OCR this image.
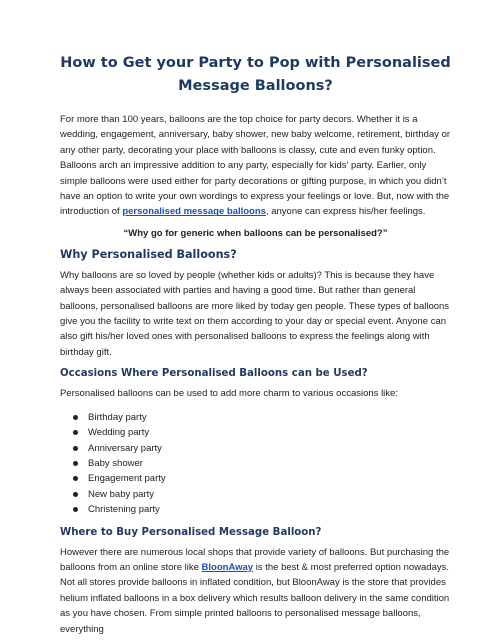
How to Get your Party to Pop with Personalised Message Balloons?

For more than 100 years, balloons are the top choice for party decors. Whether it is a wedding, engagement, anniversary, baby shower, new baby welcome, retirement, birthday or any other party, decorating your place with balloons is classy, cute and even funky option. Balloons arch an impressive addition to any party, especially for kids’ party. Earlier, only simple balloons were used either for party decorations or gifting purpose, in which you didn’t have an option to write your own wordings to express your feelings or love. But, now with the introduction of personalised message balloons, anyone can express his/her feelings.

“Why go for generic when balloons can be personalised?”

Why Personalised Balloons?

Why balloons are so loved by people (whether kids or adults)? This is because they have always been associated with parties and having a good time. But rather than general balloons, personalised balloons are more liked by today gen people. These types of balloons give you the facility to write text on them according to your day or special event. Anyone can also gift his/her loved ones with personalised balloons to express the feelings along with birthday gift.

Occasions Where Personalised Balloons can be Used?

Personalised balloons can be used to add more charm to various occasions like:

Birthday party
Wedding party
Anniversary party
Baby shower
Engagement party
New baby party
Christening party
Where to Buy Personalised Message Balloon?

However there are numerous local shops that provide variety of balloons. But purchasing the balloons from an online store like BloonAway is the best & most preferred option nowadays. Not all stores provide balloons in inflated condition, but BloonAway is the store that provides helium inflated balloons in a box delivery which results balloon delivery in the same condition as you have chosen. From simple printed balloons to personalised message balloons, everything
